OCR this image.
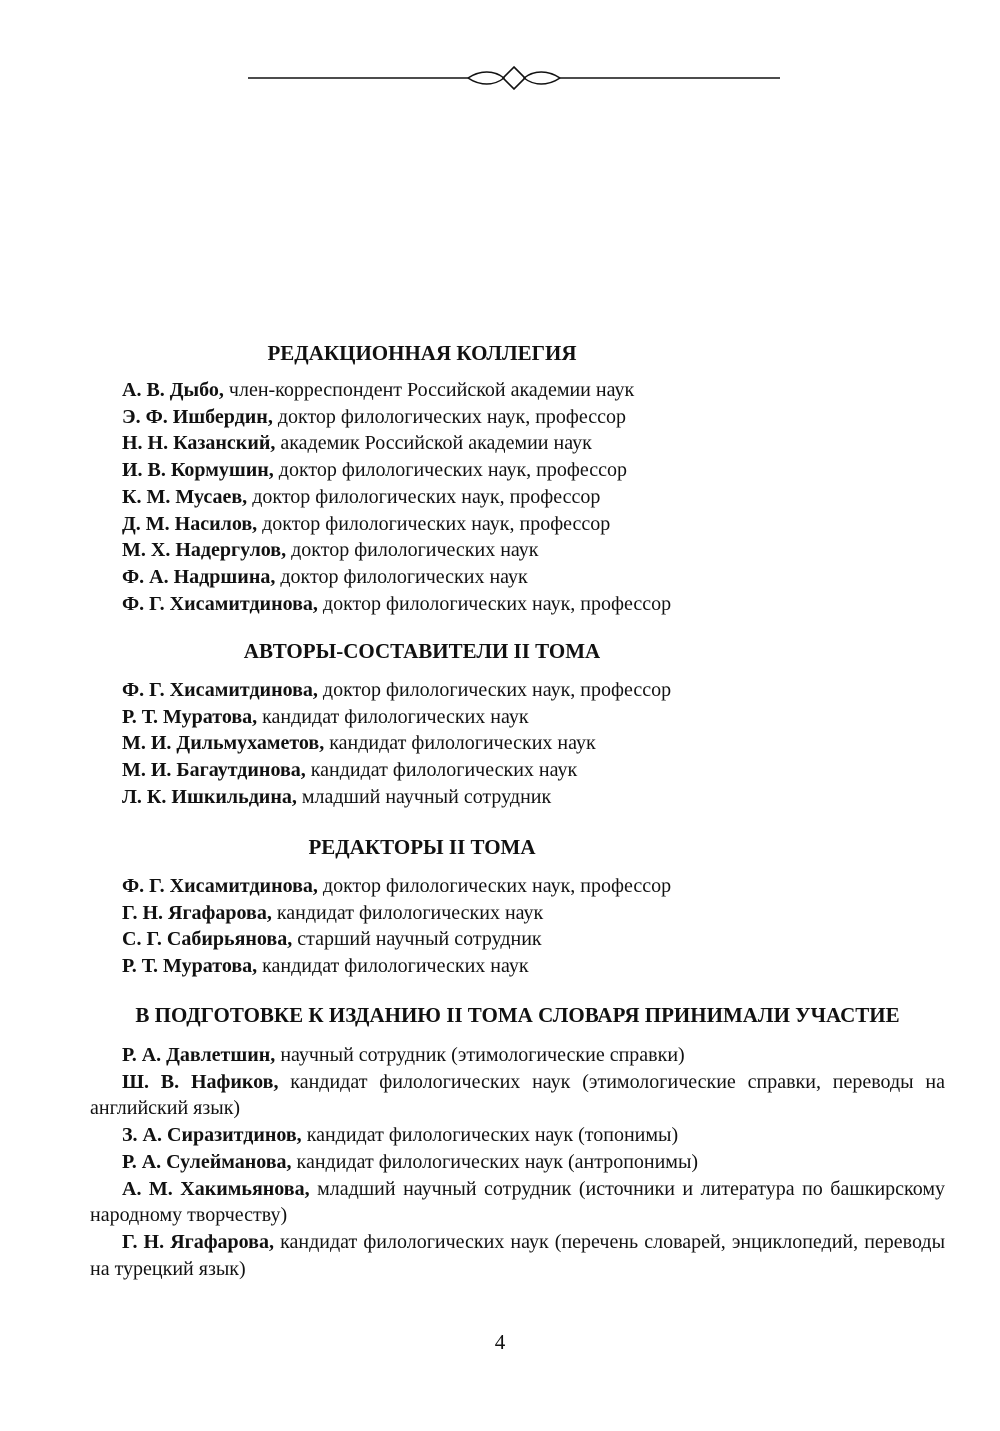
РЕДАКЦИОННАЯ КОЛЛЕГИЯ

А. В. Дыбо, член-корреспондент Российской академии наук

Э. Ф. Ишбердин, доктор филологических наук, профессор

Н. Н. Казанский, академик Российской академии наук

И. В. Кормушин, доктор филологических наук, профессор

К. М. Мусаев, доктор филологических наук, профессор

Д. М. Насилов, доктор филологических наук, профессор

М. Х. Надергулов, доктор филологических наук

Ф. А. Надршина, доктор филологических наук

Ф. Г. Хисамитдинова, доктор филологических наук, профессор

АВТОРЫ-СОСТАВИТЕЛИ II ТОМА

Ф. Г. Хисамитдинова, доктор филологических наук, профессор

Р. Т. Муратова, кандидат филологических наук

М. И. Дильмухаметов, кандидат филологических наук

М. И. Багаутдинова, кандидат филологических наук

Л. К. Ишкильдина, младший научный сотрудник

РЕДАКТОРЫ II ТОМА

Ф. Г. Хисамитдинова, доктор филологических наук, профессор

Г. Н. Ягафарова, кандидат филологических наук

С. Г. Сабирьянова, старший научный сотрудник

Р. Т. Муратова, кандидат филологических наук

В ПОДГОТОВКЕ К ИЗДАНИЮ II ТОМА СЛОВАРЯ ПРИНИМАЛИ УЧАСТИЕ

Р. А. Давлетшин, научный сотрудник (этимологические справки)

Ш. В. Нафиков, кандидат филологических наук (этимологические справки, переводы на английский язык)

З. А. Сиразитдинов, кандидат филологических наук (топонимы)

Р. А. Сулейманова, кандидат филологических наук (антропонимы)

А. М. Хакимьянова, младший научный сотрудник (источники и литература по башкирскому народному творчеству)

Г. Н. Ягафарова, кандидат филологических наук (перечень словарей, энциклопедий, переводы на турецкий язык)

4
